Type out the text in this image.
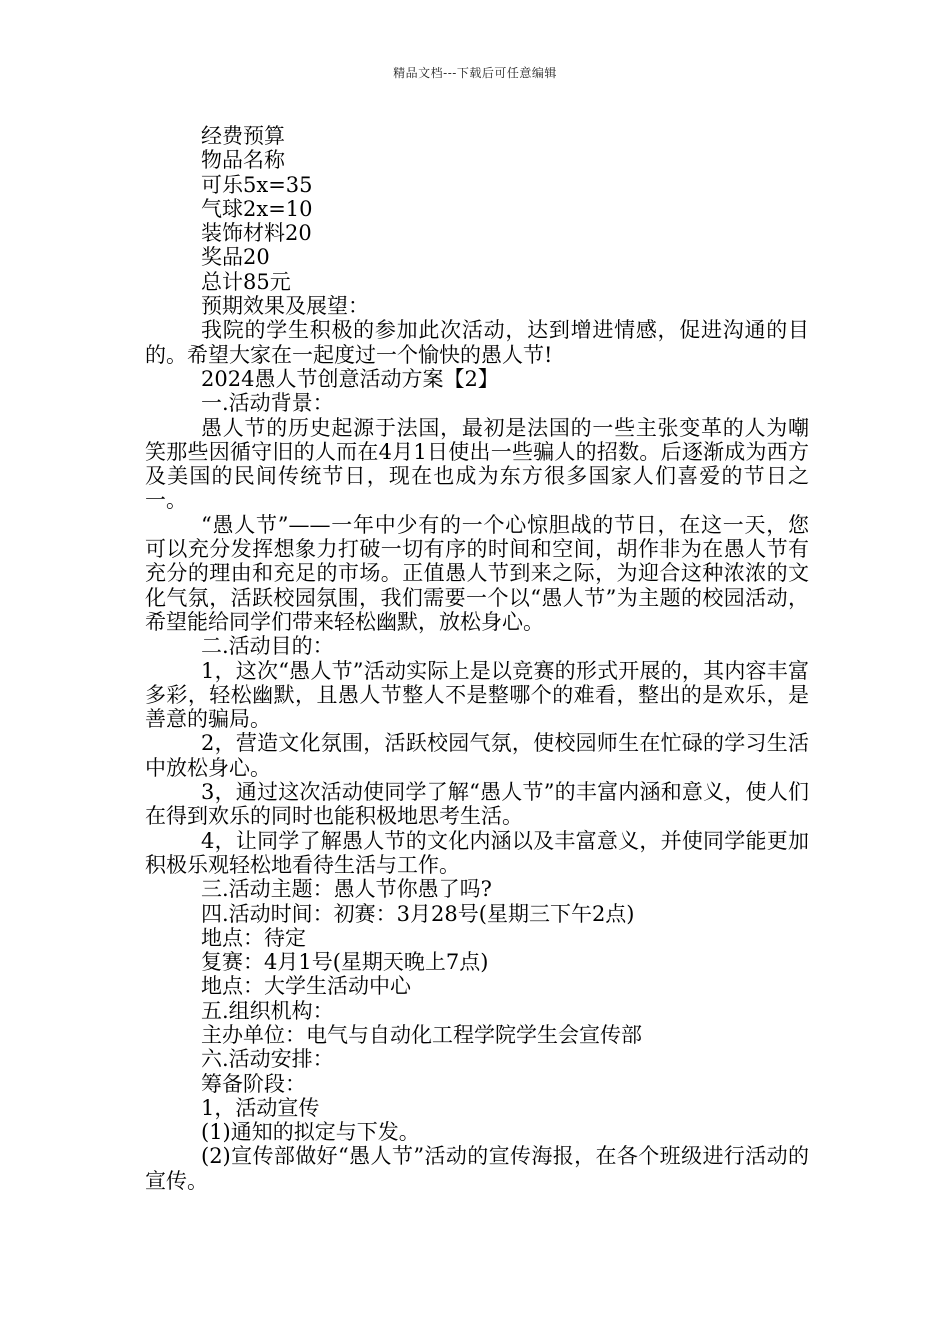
精品文档---下载后可任意编辑

经费预算

物品名称

可乐5x=35

气球2x=10

装饰材料20

奖品20

总计85元

预期效果及展望：

我院的学生积极的参加此次活动，达到增进情感，促进沟通的目的。希望大家在一起度过一个愉快的愚人节!

2024愚人节创意活动方案【2】

一.活动背景：

愚人节的历史起源于法国，最初是法国的一些主张变革的人为嘲笑那些因循守旧的人而在4月1日使出一些骗人的招数。后逐渐成为西方及美国的民间传统节日，现在也成为东方很多国家人们喜爱的节日之一。

“愚人节”——一年中少有的一个心惊胆战的节日，在这一天，您可以充分发挥想象力打破一切有序的时间和空间，胡作非为在愚人节有充分的理由和充足的市场。正值愚人节到来之际，为迎合这种浓浓的文化气氛，活跃校园氛围，我们需要一个以“愚人节”为主题的校园活动，希望能给同学们带来轻松幽默，放松身心。

二.活动目的：

1，这次“愚人节”活动实际上是以竞赛的形式开展的，其内容丰富多彩，轻松幽默，且愚人节整人不是整哪个的难看，整出的是欢乐，是善意的骗局。

2，营造文化氛围，活跃校园气氛，使校园师生在忙碌的学习生活中放松身心。

3，通过这次活动使同学了解“愚人节”的丰富内涵和意义，使人们在得到欢乐的同时也能积极地思考生活。

4，让同学了解愚人节的文化内涵以及丰富意义，并使同学能更加积极乐观轻松地看待生活与工作。

三.活动主题：愚人节你愚了吗?

四.活动时间：初赛：3月28号(星期三下午2点)

地点：待定

复赛：4月1号(星期天晚上7点)

地点：大学生活动中心

五.组织机构：

主办单位：电气与自动化工程学院学生会宣传部

六.活动安排：

筹备阶段：

1，活动宣传

(1)通知的拟定与下发。

(2)宣传部做好“愚人节”活动的宣传海报，在各个班级进行活动的宣传。
